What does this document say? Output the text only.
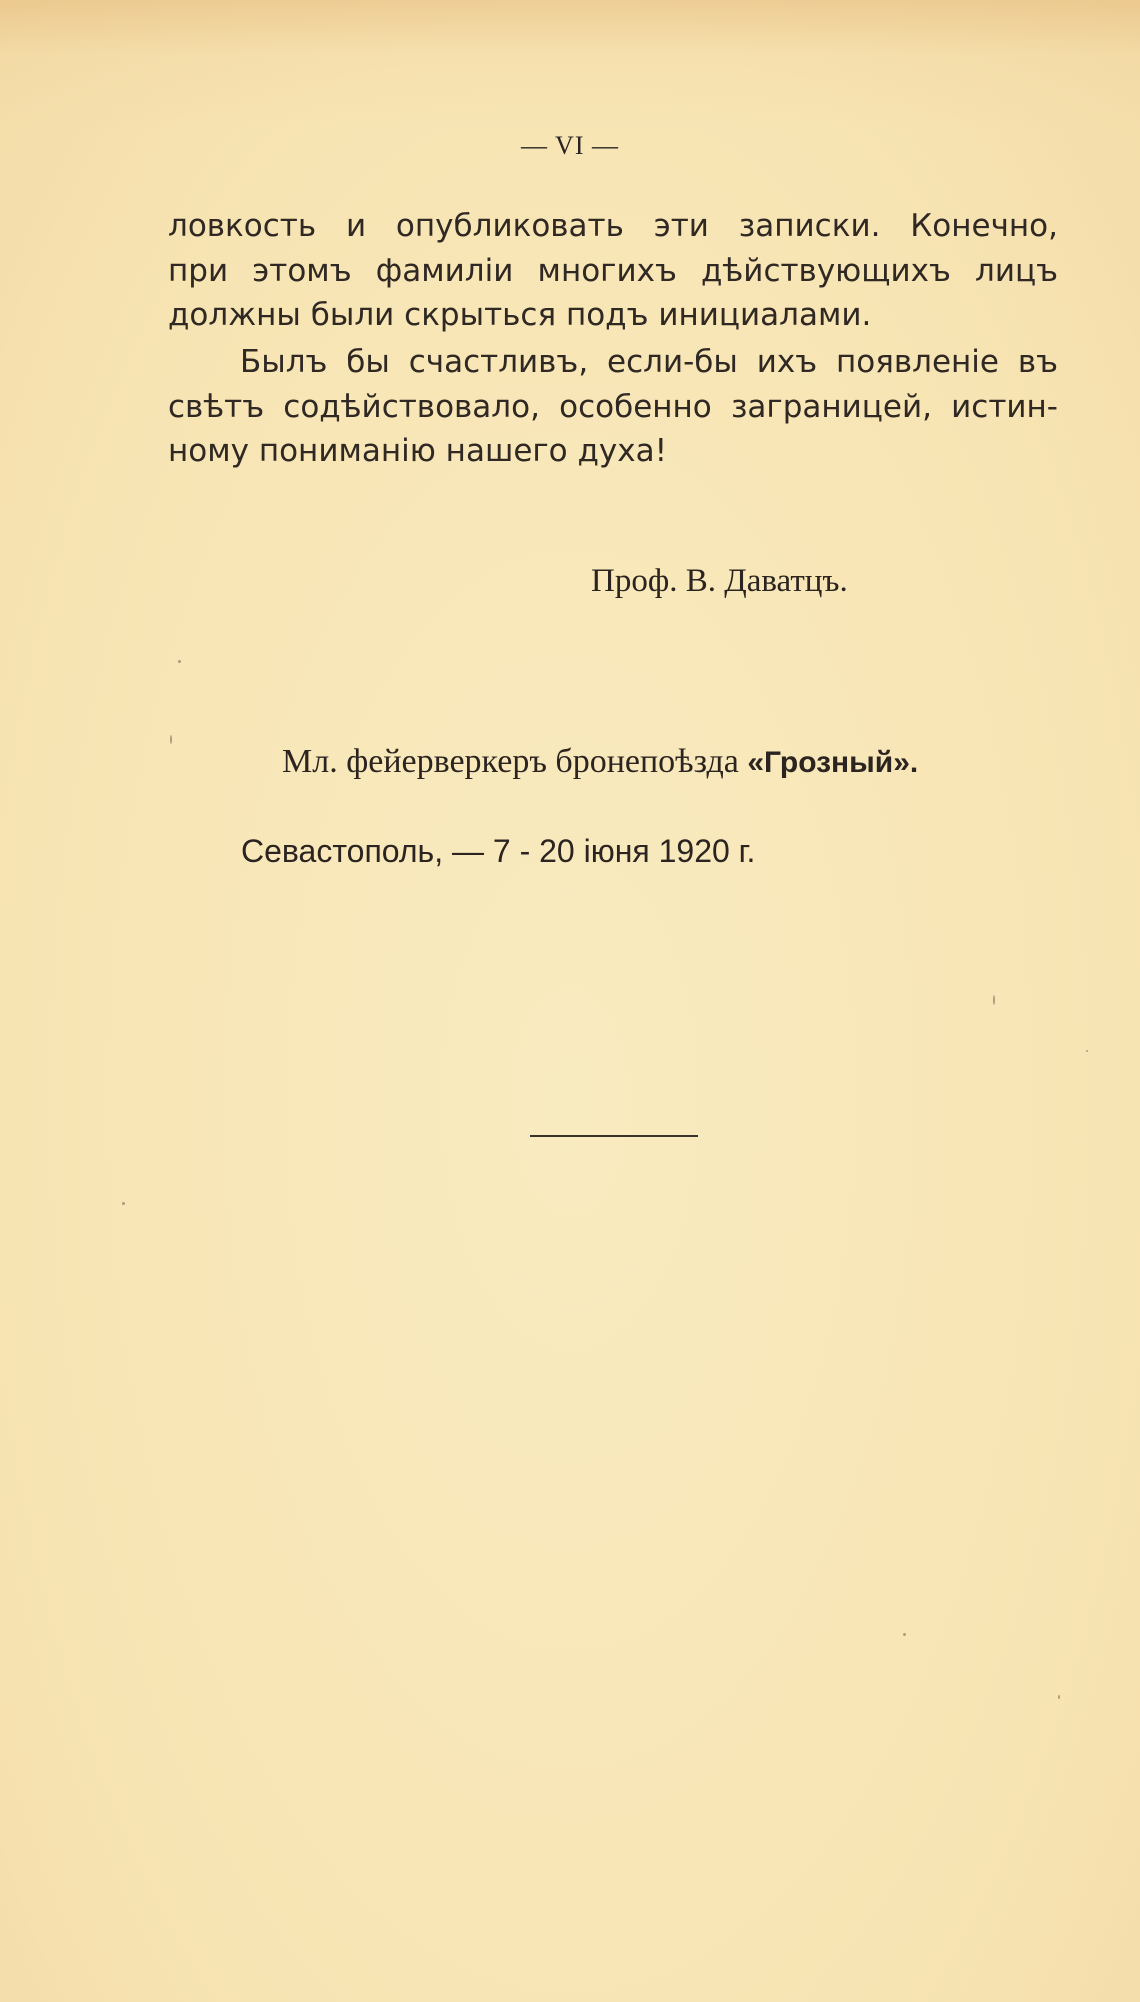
— VI —
ловкость и опубликовать эти записки. Конечно,
при этомъ фамиліи многихъ дѣйствующихъ лицъ
должны были скрыться подъ инициалами.
Былъ бы счастливъ, если-бы ихъ появленіе въ
свѣтъ содѣйствовало, особенно заграницей, истин-
ному пониманію нашего духа!
Проф. В. Даватцъ.
Мл. фейерверкеръ бронепоѣзда «Грозный».
Севастополь, — 7 - 20 іюня 1920 г.
